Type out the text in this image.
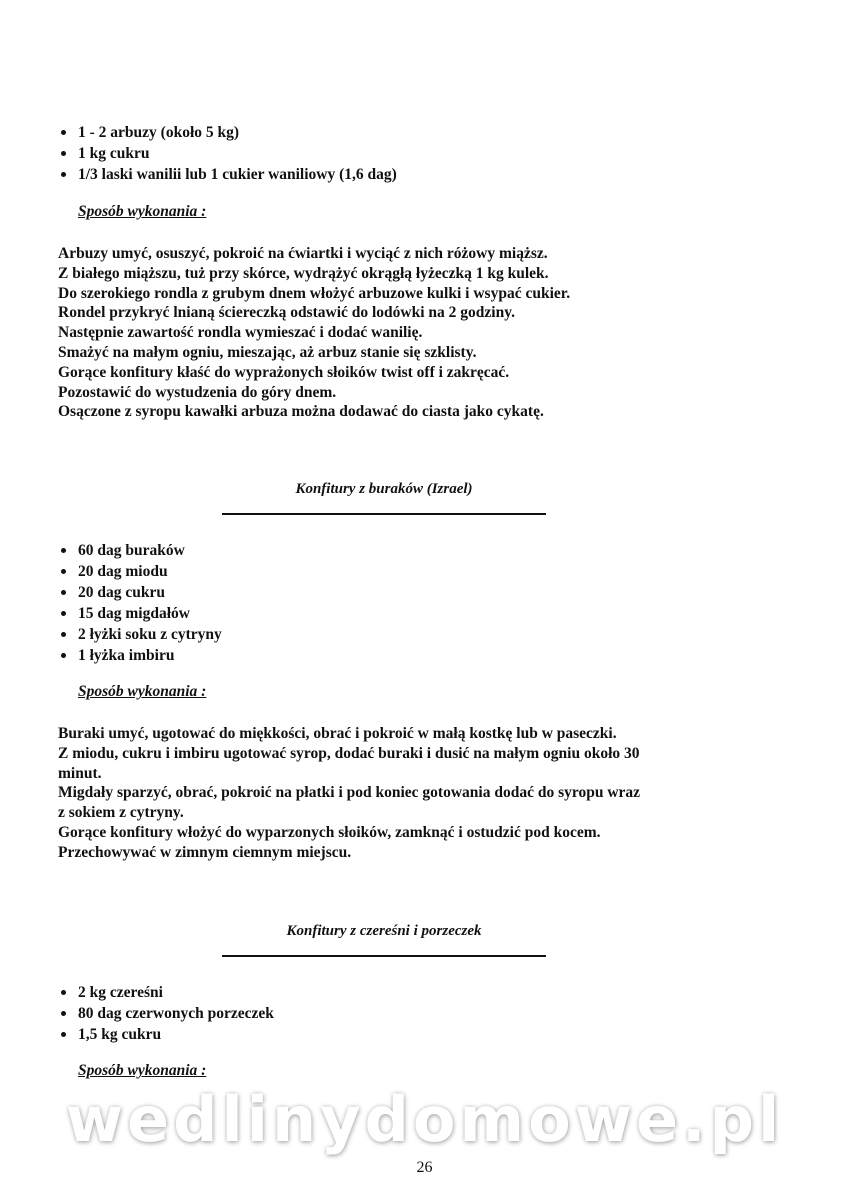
1 - 2 arbuzy (około 5 kg)
1 kg cukru
1/3 laski wanilii lub 1 cukier waniliowy (1,6 dag)
Sposób wykonania :
Arbuzy umyć, osuszyć, pokroić na ćwiartki i wyciąć z nich różowy miąższ.
Z białego miąższu, tuż przy skórce, wydrążyć okrągłą łyżeczką 1 kg kulek.
Do szerokiego rondla z grubym dnem włożyć arbuzowe kulki i wsypać cukier.
Rondel przykryć lnianą ściereczką odstawić do lodówki na 2 godziny.
Następnie zawartość rondla wymieszać i dodać wanilię.
Smażyć na małym ogniu, mieszając, aż arbuz stanie się szklisty.
Gorące konfitury kłaść do wyprażonych słoików twist off i zakręcać.
Pozostawić do wystudzenia do góry dnem.
Osączone z syropu kawałki arbuza można dodawać do ciasta jako cykatę.
Konfitury z buraków (Izrael)
60 dag buraków
20 dag miodu
20 dag cukru
15 dag migdałów
2 łyżki soku z cytryny
1 łyżka imbiru
Sposób wykonania :
Buraki umyć, ugotować do miękkości, obrać i pokroić w małą kostkę lub w paseczki.
Z miodu, cukru i imbiru ugotować syrop, dodać buraki i dusić na małym ogniu około 30
minut.
Migdały sparzyć, obrać, pokroić na płatki i pod koniec gotowania dodać do syropu wraz
z sokiem z cytryny.
Gorące konfitury włożyć do wyparzonych słoików, zamknąć i ostudzić pod kocem.
Przechowywać w zimnym ciemnym miejscu.
Konfitury z czereśni i porzeczek
2 kg czereśni
80 dag czerwonych porzeczek
1,5 kg cukru
Sposób wykonania :
wedlinydomowe.pl
26
